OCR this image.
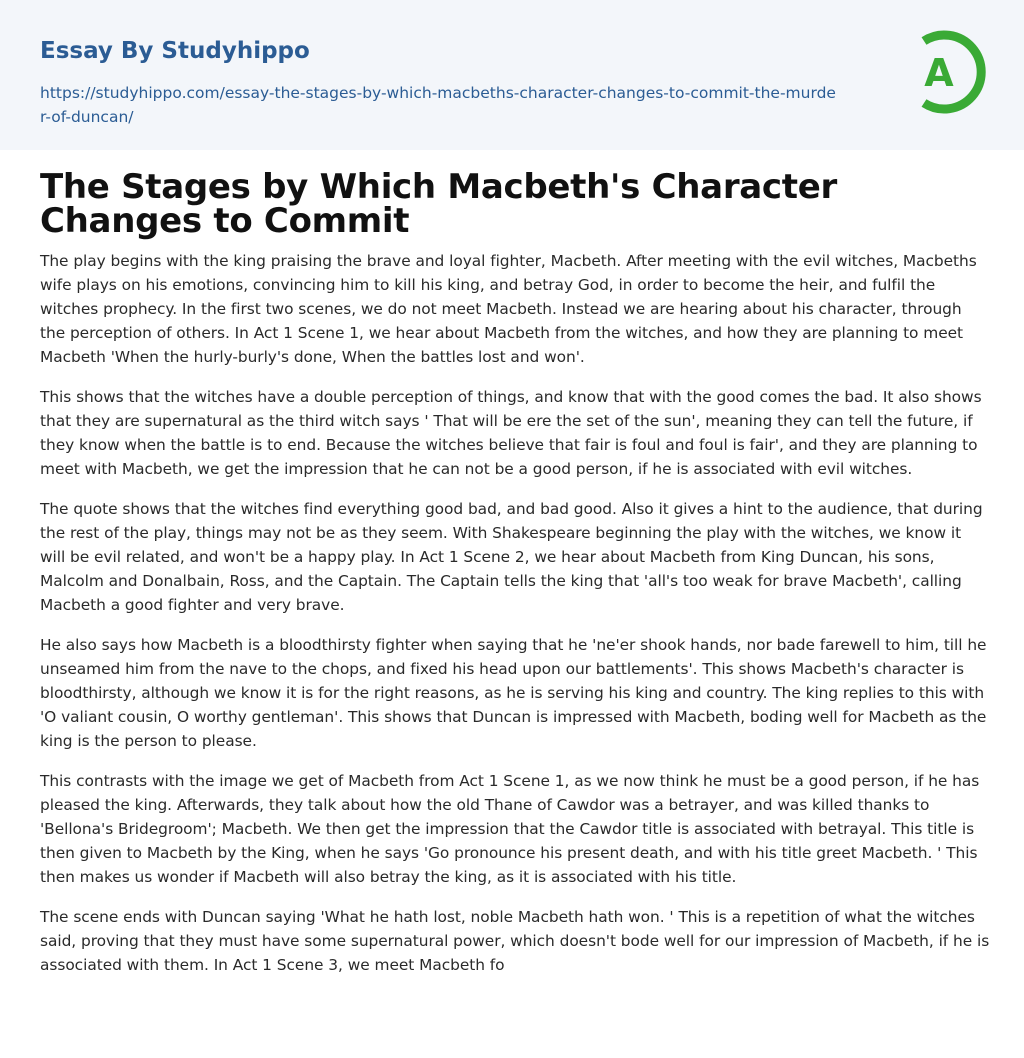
Essay By Studyhippo
https://studyhippo.com/essay-the-stages-by-which-macbeths-character-changes-to-commit-the-murder-of-duncan/
A
The Stages by Which Macbeth's Character Changes to Commit

The play begins with the king praising the brave and loyal fighter, Macbeth. After meeting with the evil witches, Macbeths wife plays on his emotions, convincing him to kill his king, and betray God, in order to become the heir, and fulfil the witches prophecy. In the first two scenes, we do not meet Macbeth. Instead we are hearing about his character, through the perception of others. In Act 1 Scene 1, we hear about Macbeth from the witches, and how they are planning to meet Macbeth 'When the hurly-burly's done, When the battles lost and won'.

This shows that the witches have a double perception of things, and know that with the good comes the bad. It also shows that they are supernatural as the third witch says ' That will be ere the set of the sun', meaning they can tell the future, if they know when the battle is to end. Because the witches believe that fair is foul and foul is fair', and they are planning to meet with Macbeth, we get the impression that he can not be a good person, if he is associated with evil witches.

The quote shows that the witches find everything good bad, and bad good. Also it gives a hint to the audience, that during the rest of the play, things may not be as they seem. With Shakespeare beginning the play with the witches, we know it will be evil related, and won't be a happy play. In Act 1 Scene 2, we hear about Macbeth from King Duncan, his sons, Malcolm and Donalbain, Ross, and the Captain. The Captain tells the king that 'all's too weak for brave Macbeth', calling Macbeth a good fighter and very brave.

He also says how Macbeth is a bloodthirsty fighter when saying that he 'ne'er shook hands, nor bade farewell to him, till he unseamed him from the nave to the chops, and fixed his head upon our battlements'. This shows Macbeth's character is bloodthirsty, although we know it is for the right reasons, as he is serving his king and country. The king replies to this with 'O valiant cousin, O worthy gentleman'. This shows that Duncan is impressed with Macbeth, boding well for Macbeth as the king is the person to please.

This contrasts with the image we get of Macbeth from Act 1 Scene 1, as we now think he must be a good person, if he has pleased the king. Afterwards, they talk about how the old Thane of Cawdor was a betrayer, and was killed thanks to 'Bellona's Bridegroom'; Macbeth. We then get the impression that the Cawdor title is associated with betrayal. This title is then given to Macbeth by the King, when he says 'Go pronounce his present death, and with his title greet Macbeth. ' This then makes us wonder if Macbeth will also betray the king, as it is associated with his title.

The scene ends with Duncan saying 'What he hath lost, noble Macbeth hath won. ' This is a repetition of what the witches said, proving that they must have some supernatural power, which doesn't bode well for our impression of Macbeth, if he is associated with them. In Act 1 Scene 3, we meet Macbeth fo
